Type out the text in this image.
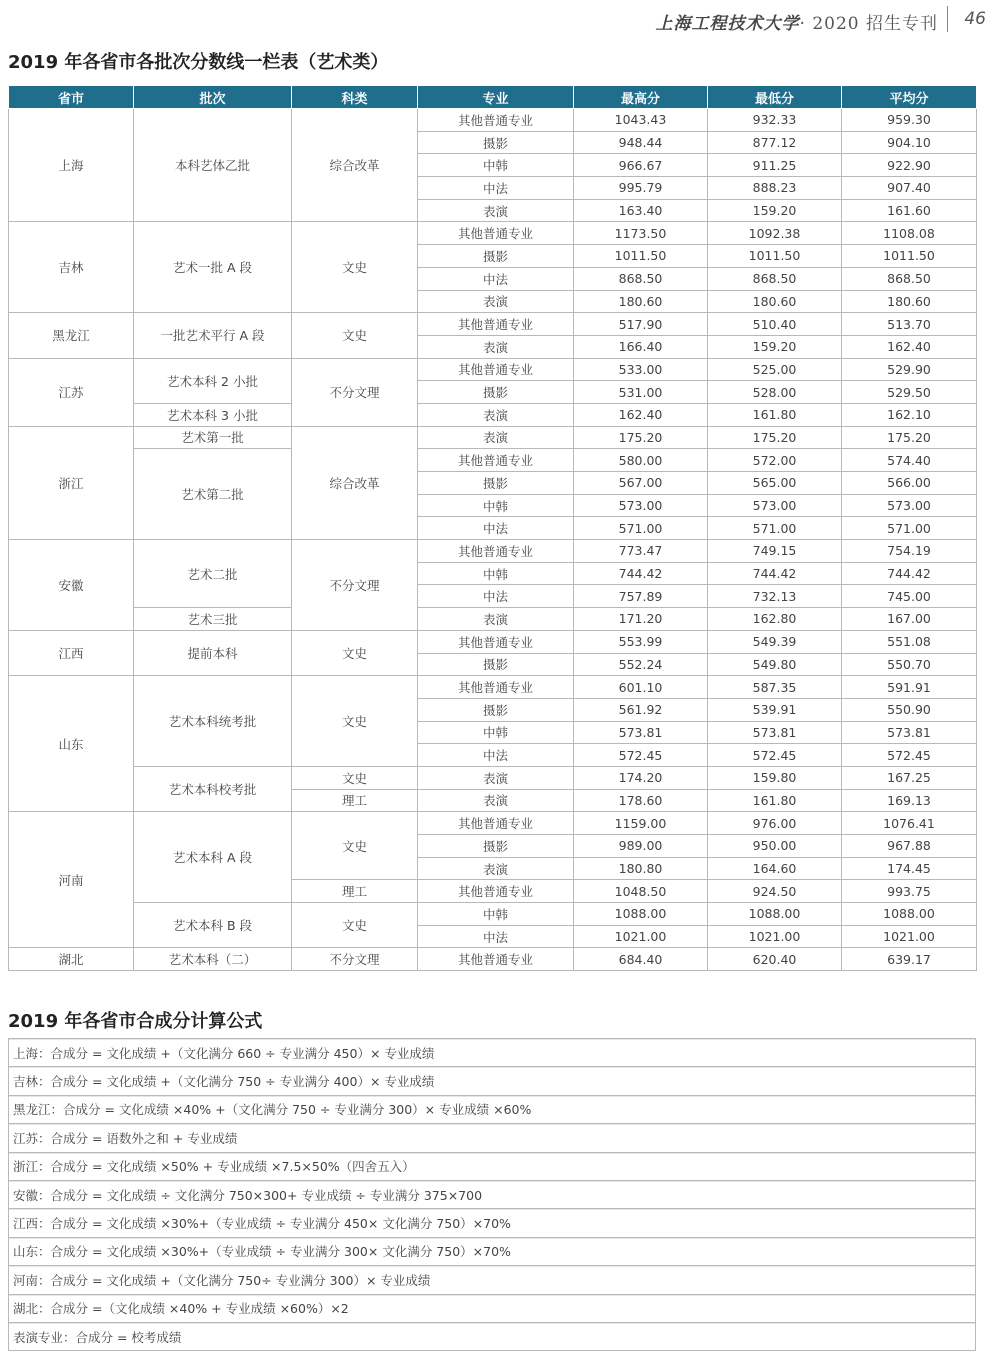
上海工程技术大学· 2020 招生专刊 46
2019 年各省市各批次分数线一栏表（艺术类）
省市	批次	科类	专业	最高分	最低分	平均分
上海	本科艺体乙批	综合改革	其他普通专业	1043.43	932.33	959.30
			摄影	948.44	877.12	904.10
			中韩	966.67	911.25	922.90
			中法	995.79	888.23	907.40
			表演	163.40	159.20	161.60
吉林	艺术一批 A 段	文史	其他普通专业	1173.50	1092.38	1108.08
			摄影	1011.50	1011.50	1011.50
			中法	868.50	868.50	868.50
			表演	180.60	180.60	180.60
黑龙江	一批艺术平行 A 段	文史	其他普通专业	517.90	510.40	513.70
			表演	166.40	159.20	162.40
江苏	艺术本科 2 小批	不分文理	其他普通专业	533.00	525.00	529.90
			摄影	531.00	528.00	529.50
	艺术本科 3 小批		表演	162.40	161.80	162.10
浙江	艺术第一批	综合改革	表演	175.20	175.20	175.20
	艺术第二批		其他普通专业	580.00	572.00	574.40
			摄影	567.00	565.00	566.00
			中韩	573.00	573.00	573.00
			中法	571.00	571.00	571.00
安徽	艺术二批	不分文理	其他普通专业	773.47	749.15	754.19
			中韩	744.42	744.42	744.42
			中法	757.89	732.13	745.00
	艺术三批		表演	171.20	162.80	167.00
江西	提前本科	文史	其他普通专业	553.99	549.39	551.08
			摄影	552.24	549.80	550.70
山东	艺术本科统考批	文史	其他普通专业	601.10	587.35	591.91
			摄影	561.92	539.91	550.90
			中韩	573.81	573.81	573.81
			中法	572.45	572.45	572.45
	艺术本科校考批	文史	表演	174.20	159.80	167.25
		理工	表演	178.60	161.80	169.13
河南	艺术本科 A 段	文史	其他普通专业	1159.00	976.00	1076.41
			摄影	989.00	950.00	967.88
			表演	180.80	164.60	174.45
		理工	其他普通专业	1048.50	924.50	993.75
	艺术本科 B 段	文史	中韩	1088.00	1088.00	1088.00
			中法	1021.00	1021.00	1021.00
湖北	艺术本科（二）	不分文理	其他普通专业	684.40	620.40	639.17
2019 年各省市合成分计算公式
上海：合成分 = 文化成绩 +（文化满分 660 ÷ 专业满分 450）× 专业成绩
吉林：合成分 = 文化成绩 +（文化满分 750 ÷ 专业满分 400）× 专业成绩
黑龙江：合成分 = 文化成绩 ×40% +（文化满分 750 ÷ 专业满分 300）× 专业成绩 ×60%
江苏：合成分 = 语数外之和 + 专业成绩
浙江：合成分 = 文化成绩 ×50% + 专业成绩 ×7.5×50%（四舍五入）
安徽：合成分 = 文化成绩 ÷ 文化满分 750×300+ 专业成绩 ÷ 专业满分 375×700
江西：合成分 = 文化成绩 ×30%+（专业成绩 ÷ 专业满分 450× 文化满分 750）×70%
山东：合成分 = 文化成绩 ×30%+（专业成绩 ÷ 专业满分 300× 文化满分 750）×70%
河南：合成分 = 文化成绩 +（文化满分 750÷ 专业满分 300）× 专业成绩
湖北：合成分 =（文化成绩 ×40% + 专业成绩 ×60%）×2
表演专业：合成分 = 校考成绩
